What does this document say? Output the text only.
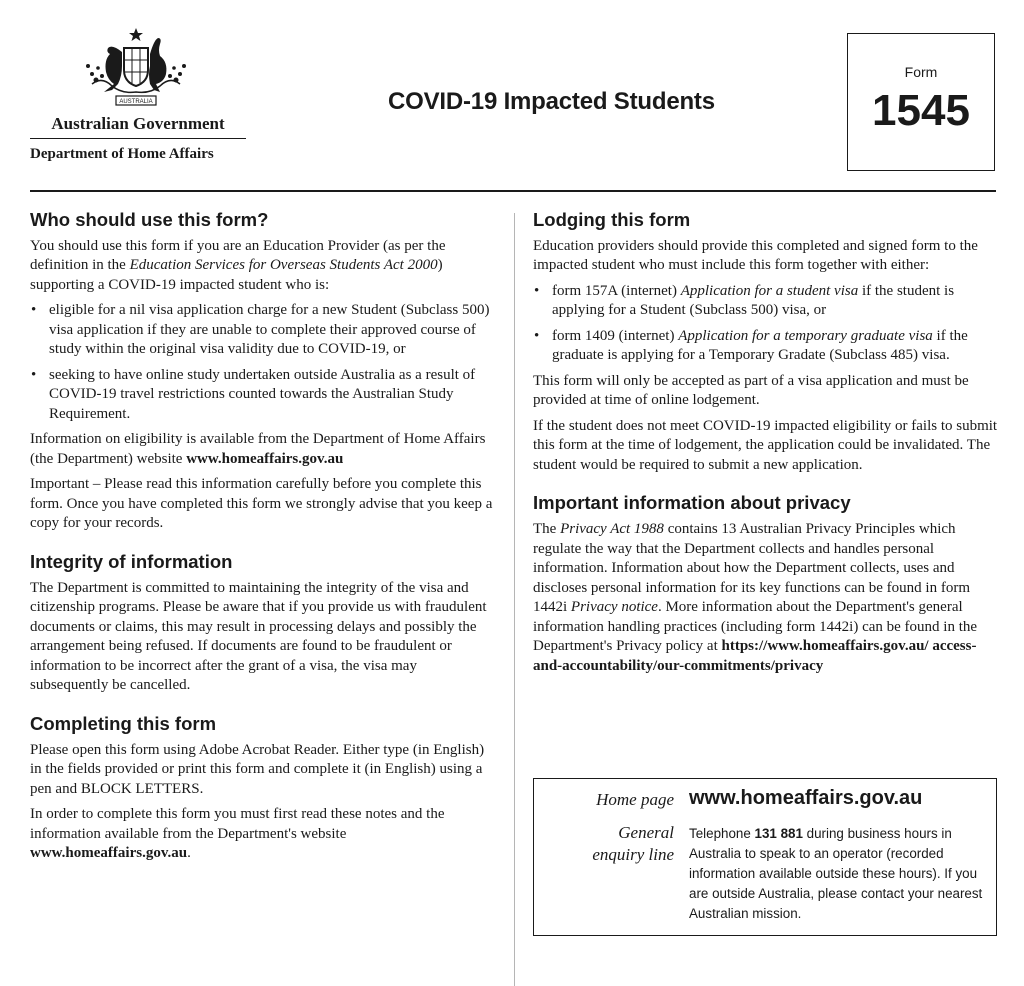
AUSTRALIA
Australian Government
Department of Home Affairs
COVID-19 Impacted Students
Form
1545
Who should use this form?

You should use this form if you are an Education Provider (as per the definition in the Education Services for Overseas Students Act 2000) supporting a COVID-19 impacted student who is:

• eligible for a nil visa application charge for a new Student (Subclass 500) visa application if they are unable to complete their approved course of study within the original visa validity due to COVID-19, or
• seeking to have online study undertaken outside Australia as a result of COVID-19 travel restrictions counted towards the Australian Study Requirement.

Information on eligibility is available from the Department of Home Affairs (the Department) website www.homeaffairs.gov.au

Important – Please read this information carefully before you complete this form. Once you have completed this form we strongly advise that you keep a copy for your records.

Integrity of information

The Department is committed to maintaining the integrity of the visa and citizenship programs. Please be aware that if you provide us with fraudulent documents or claims, this may result in processing delays and possibly the arrangement being refused. If documents are found to be fraudulent or information to be incorrect after the grant of a visa, the visa may subsequently be cancelled.

Completing this form

Please open this form using Adobe Acrobat Reader. Either type (in English) in the fields provided or print this form and complete it (in English) using a pen and BLOCK LETTERS.

In order to complete this form you must first read these notes and the information available from the Department's website www.homeaffairs.gov.au.

Lodging this form

Education providers should provide this completed and signed form to the impacted student who must include this form together with either:

• form 157A (internet) Application for a student visa if the student is applying for a Student (Subclass 500) visa, or
• form 1409 (internet) Application for a temporary graduate visa if the graduate is applying for a Temporary Gradate (Subclass 485) visa.

This form will only be accepted as part of a visa application and must be provided at time of online lodgement.

If the student does not meet COVID-19 impacted eligibility or fails to submit this form at the time of lodgement, the application could be invalidated. The student would be required to submit a new application.

Important information about privacy

The Privacy Act 1988 contains 13 Australian Privacy Principles which regulate the way that the Department collects and handles personal information. Information about how the Department collects, uses and discloses personal information for its key functions can be found in form 1442i Privacy notice. More information about the Department's general information handling practices (including form 1442i) can be found in the Department's Privacy policy at https://www.homeaffairs.gov.au/ access-and-accountability/our-commitments/privacy

Home page www.homeaffairs.gov.au
General
enquiry line
Telephone 131 881 during business hours in Australia to speak to an operator (recorded information available outside these hours). If you are outside Australia, please contact your nearest Australian mission.
